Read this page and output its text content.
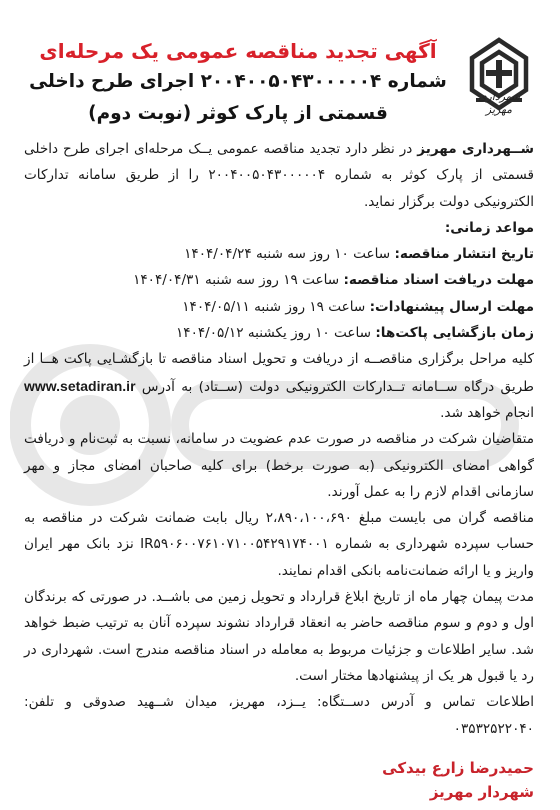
شهرداری مهریز

آگهی تجدید مناقصه عمومی یک مرحله‌ای

شماره ۲۰۰۴۰۰۵۰۴۳۰۰۰۰۰۴ اجرای طرح داخلی

قسمتی از پارک کوثر (نوبت دوم)

شــهرداری مهریز در نظر دارد تجدید مناقصه عمومی یــک مرحله‌ای اجرای طرح داخلی قسمتی از پارک کوثر به شماره ۲۰۰۴۰۰۵۰۴۳۰۰۰۰۰۴ را از طریق سامانه تدارکات الکترونیکی دولت برگزار نماید.

مواعد زمانی:

تاریخ انتشار مناقصه: ساعت ۱۰ روز سه شنبه ۱۴۰۴/۰۴/۲۴

مهلت دریافت اسناد مناقصه: ساعت ۱۹ روز سه شنبه ۱۴۰۴/۰۴/۳۱

مهلت ارسال پیشنهادات: ساعت ۱۹ روز شنبه ۱۴۰۴/۰۵/۱۱

زمان بازگشایی پاکت‌ها: ساعت ۱۰ روز یکشنبه ۱۴۰۴/۰۵/۱۲

کلیه مراحل برگزاری مناقصــه از دریافت و تحویل اسناد مناقصه تا بازگشـایی پاکت هــا از طریق درگاه ســامانه تــدارکات الکترونیکی دولت (ســتاد) به آدرس www.setadiran.ir انجام خواهد شد.

متقاضیان شرکت در مناقصه در صورت عدم عضویت در سامانه، نسبت به ثبت‌نام و دریافت گواهی امضای الکترونیکی (به صورت برخط) برای کلیه صاحبان امضای مجاز و مهر سازمانی اقدام لازم را به عمل آورند.

مناقصه گران می بایست مبلغ ۲،۸۹۰،۱۰۰،۶۹۰ ریال بابت ضمانت شرکت در مناقصه به حساب سپرده شهرداری به شماره IR۵۹۰۶۰۰۷۶۱۰۷۱۰۰۵۴۲۹۱۷۴۰۰۱ نزد بانک مهر ایران واریز و یا ارائه ضمانت‌نامه بانکی اقدام نمایند.

مدت پیمان چهار ماه از تاریخ ابلاغ قرارداد و تحویل زمین می باشــد. در صورتی که برندگان اول و دوم و سوم مناقصه حاضر به انعقاد قرارداد نشوند سپرده آنان به ترتیب ضبط خواهد شد. سایر اطلاعات و جزئیات مربوط به معامله در اسناد مناقصه مندرج است. شهرداری در رد یا قبول هر یک از پیشنهادها مختار است.

اطلاعات تماس و آدرس دســتگاه: یــزد، مهریز، میدان شــهید صدوقی و تلفن: ۰۳۵۳۲۵۲۲۰۴۰

حمیدرضا زارع بیدکی

شهردار مهریز
